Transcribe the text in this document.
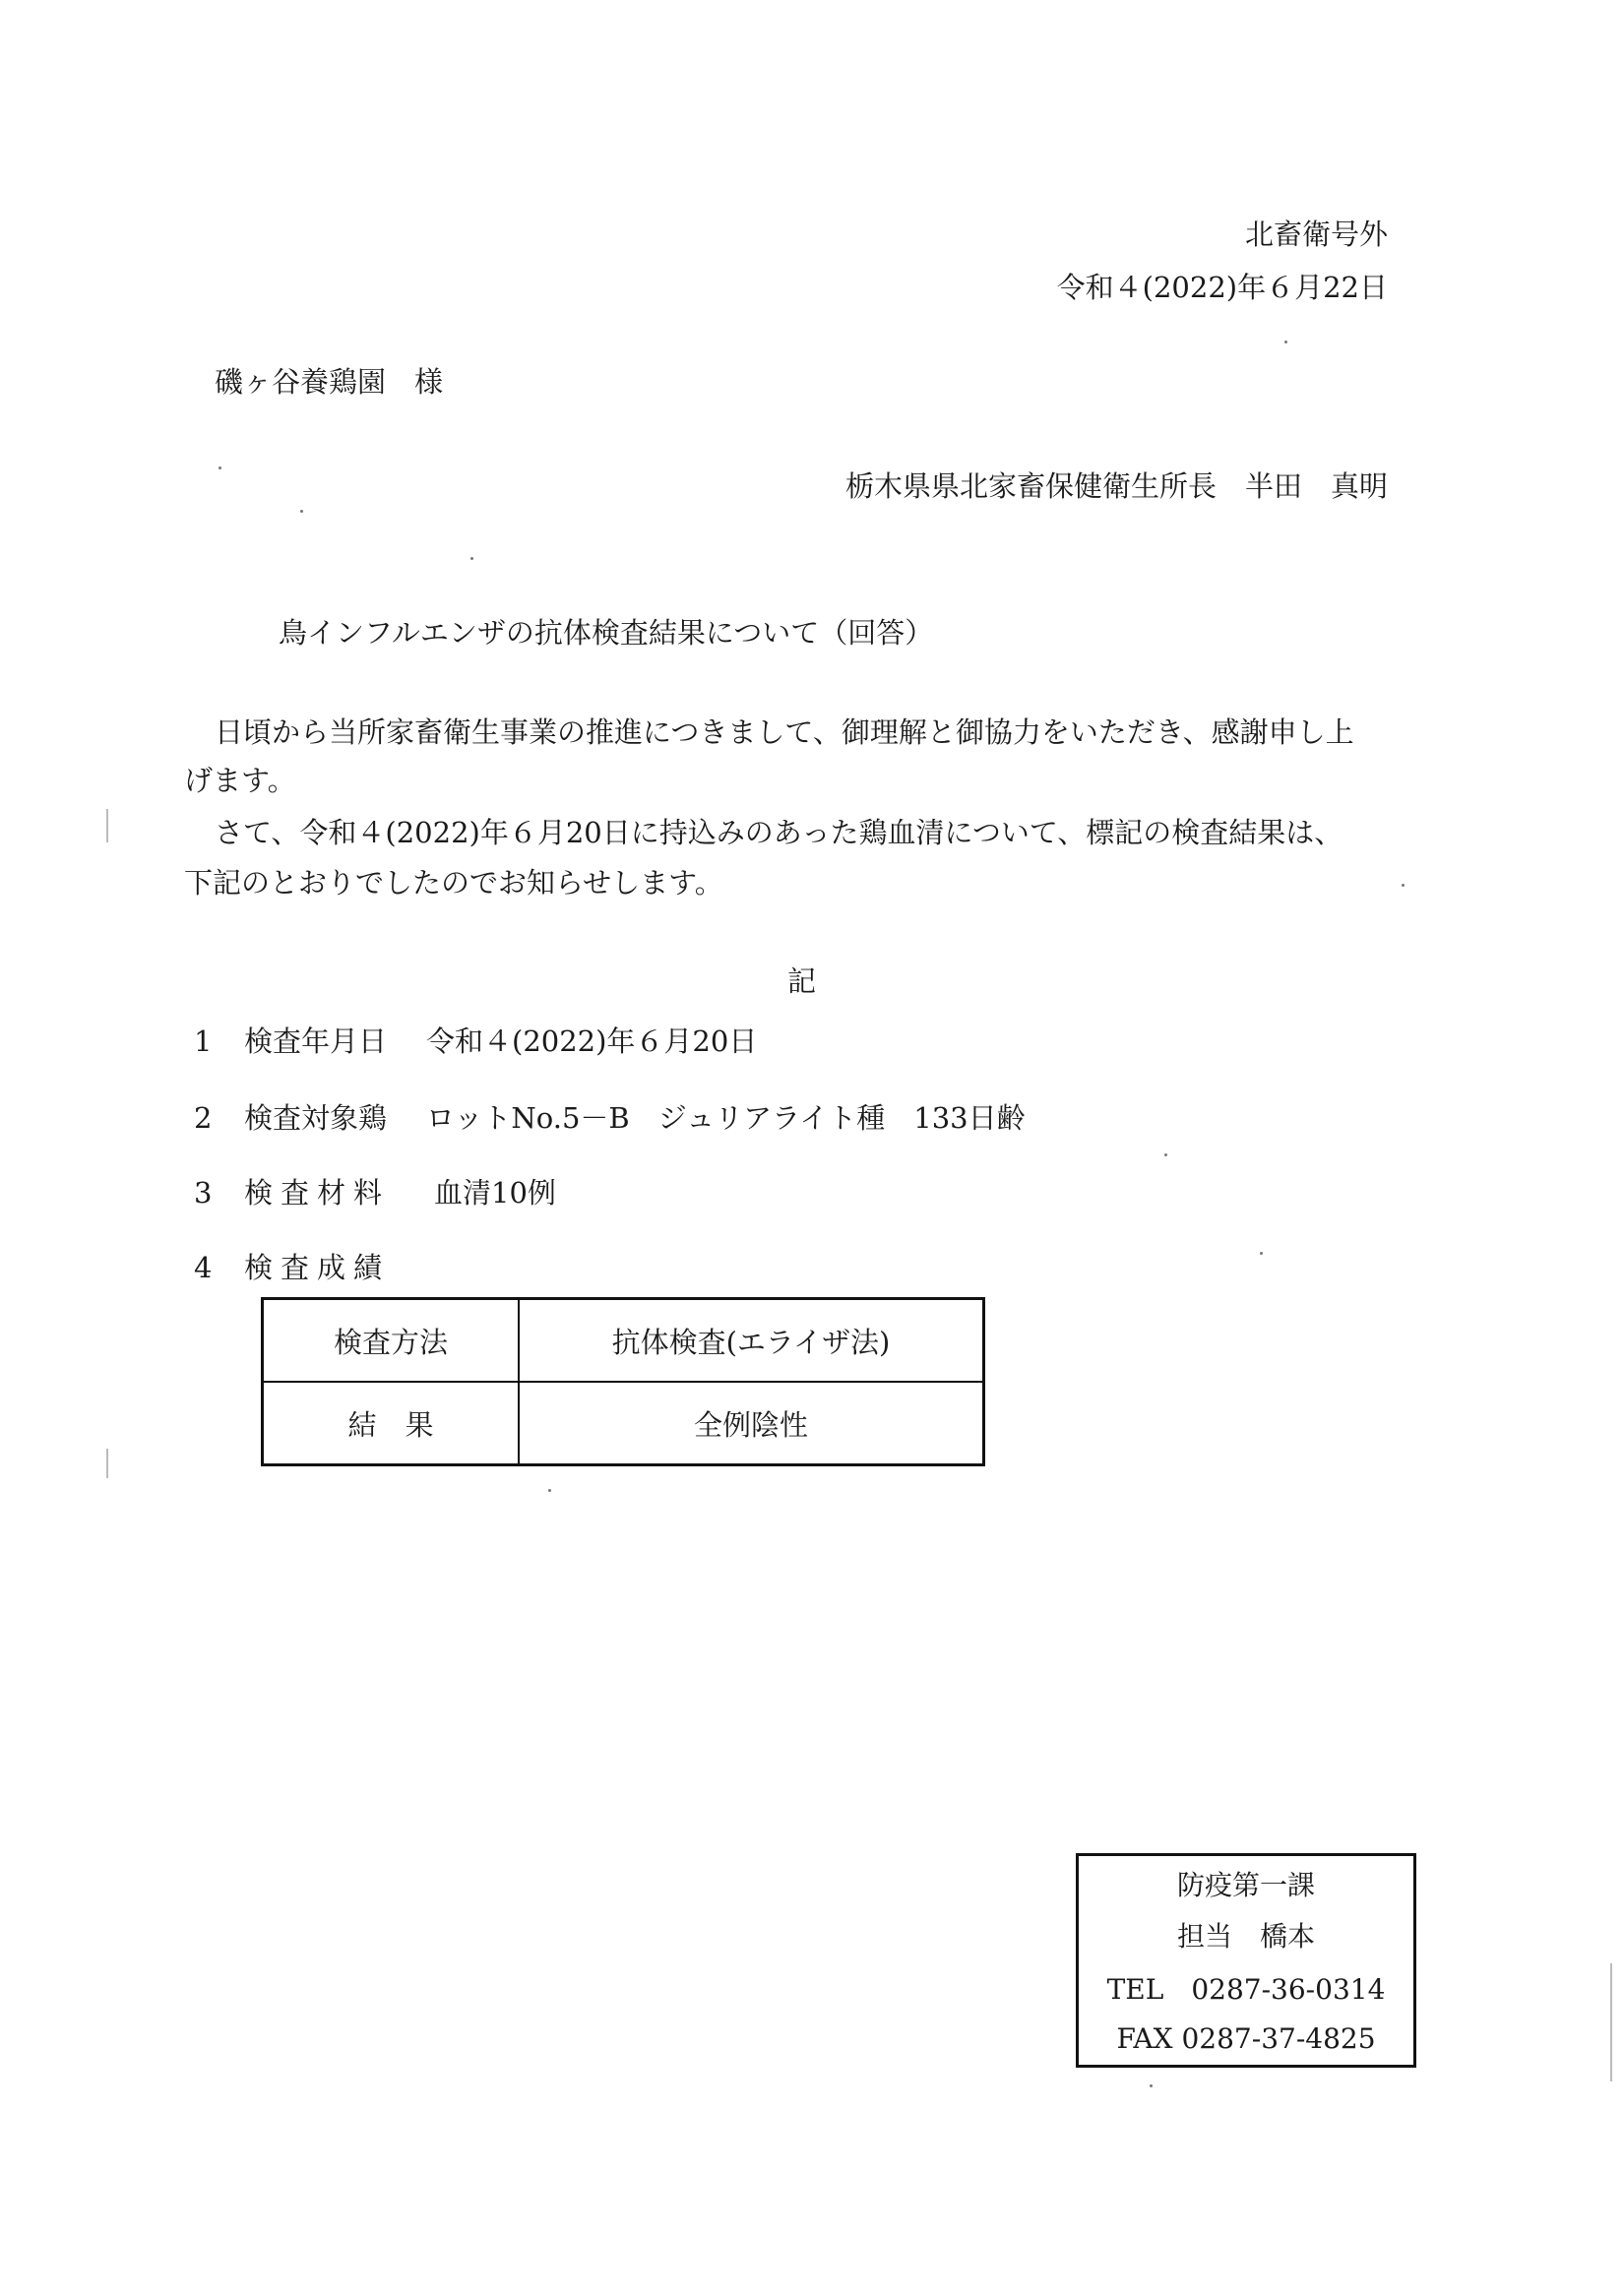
北畜衛号外
令和４(2022)年６月22日
磯ヶ谷養鶏園　様
栃木県県北家畜保健衛生所長　半田　真明
鳥インフルエンザの抗体検査結果について（回答）
日頃から当所家畜衛生事業の推進につきまして、御理解と御協力をいただき、感謝申し上
げます。
さて、令和４(2022)年６月20日に持込みのあった鶏血清について、標記の検査結果は、
下記のとおりでしたのでお知らせします。
記
1 検査年月日 令和４(2022)年６月20日
2 検査対象鶏 ロットNo.5－B　ジュリアライト種　133日齢
3 検査材料 血清10例
4 検査成績
検査方法	抗体検査(エライザ法)
結　果	全例陰性
防疫第一課
担当　橋本
TEL　0287-36-0314
FAX 0287-37-4825
